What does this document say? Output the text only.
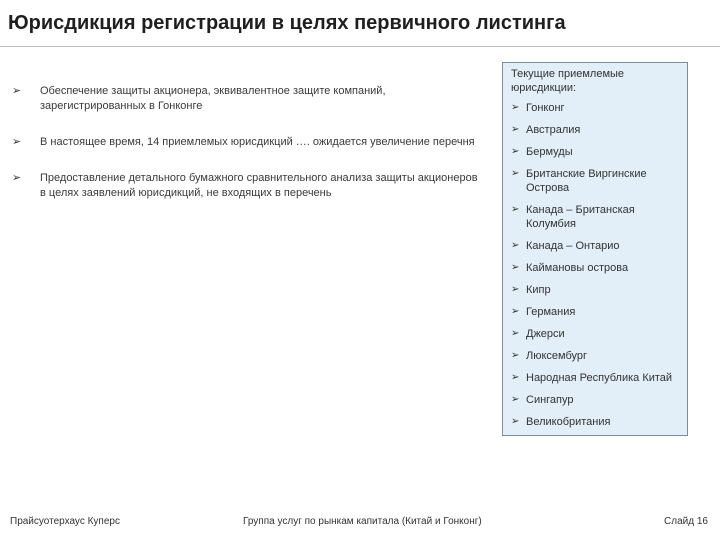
Юрисдикция регистрации в целях первичного листинга
➢ Обеспечение защиты акционера, эквивалентное защите компаний, зарегистрированных в Гонконге
➢ В настоящее время, 14 приемлемых юрисдикций …. ожидается увеличение перечня
➢ Предоставление детального бумажного сравнительного анализа защиты акционеров в целях заявлений юрисдикций, не входящих в перечень
Текущие приемлемые юрисдикции:
➢ Гонконг
➢ Австралия
➢ Бермуды
➢ Британские Виргинские Острова
➢ Канада – Британская Колумбия
➢ Канада – Онтарио
➢ Каймановы острова
➢ Кипр
➢ Германия
➢ Джерси
➢ Люксембург
➢ Народная Республика Китай
➢ Сингапур
➢ Великобритания
Прайсуотерхаус Куперс	Группа услуг по рынкам капитала (Китай и Гонконг)	Слайд 16
